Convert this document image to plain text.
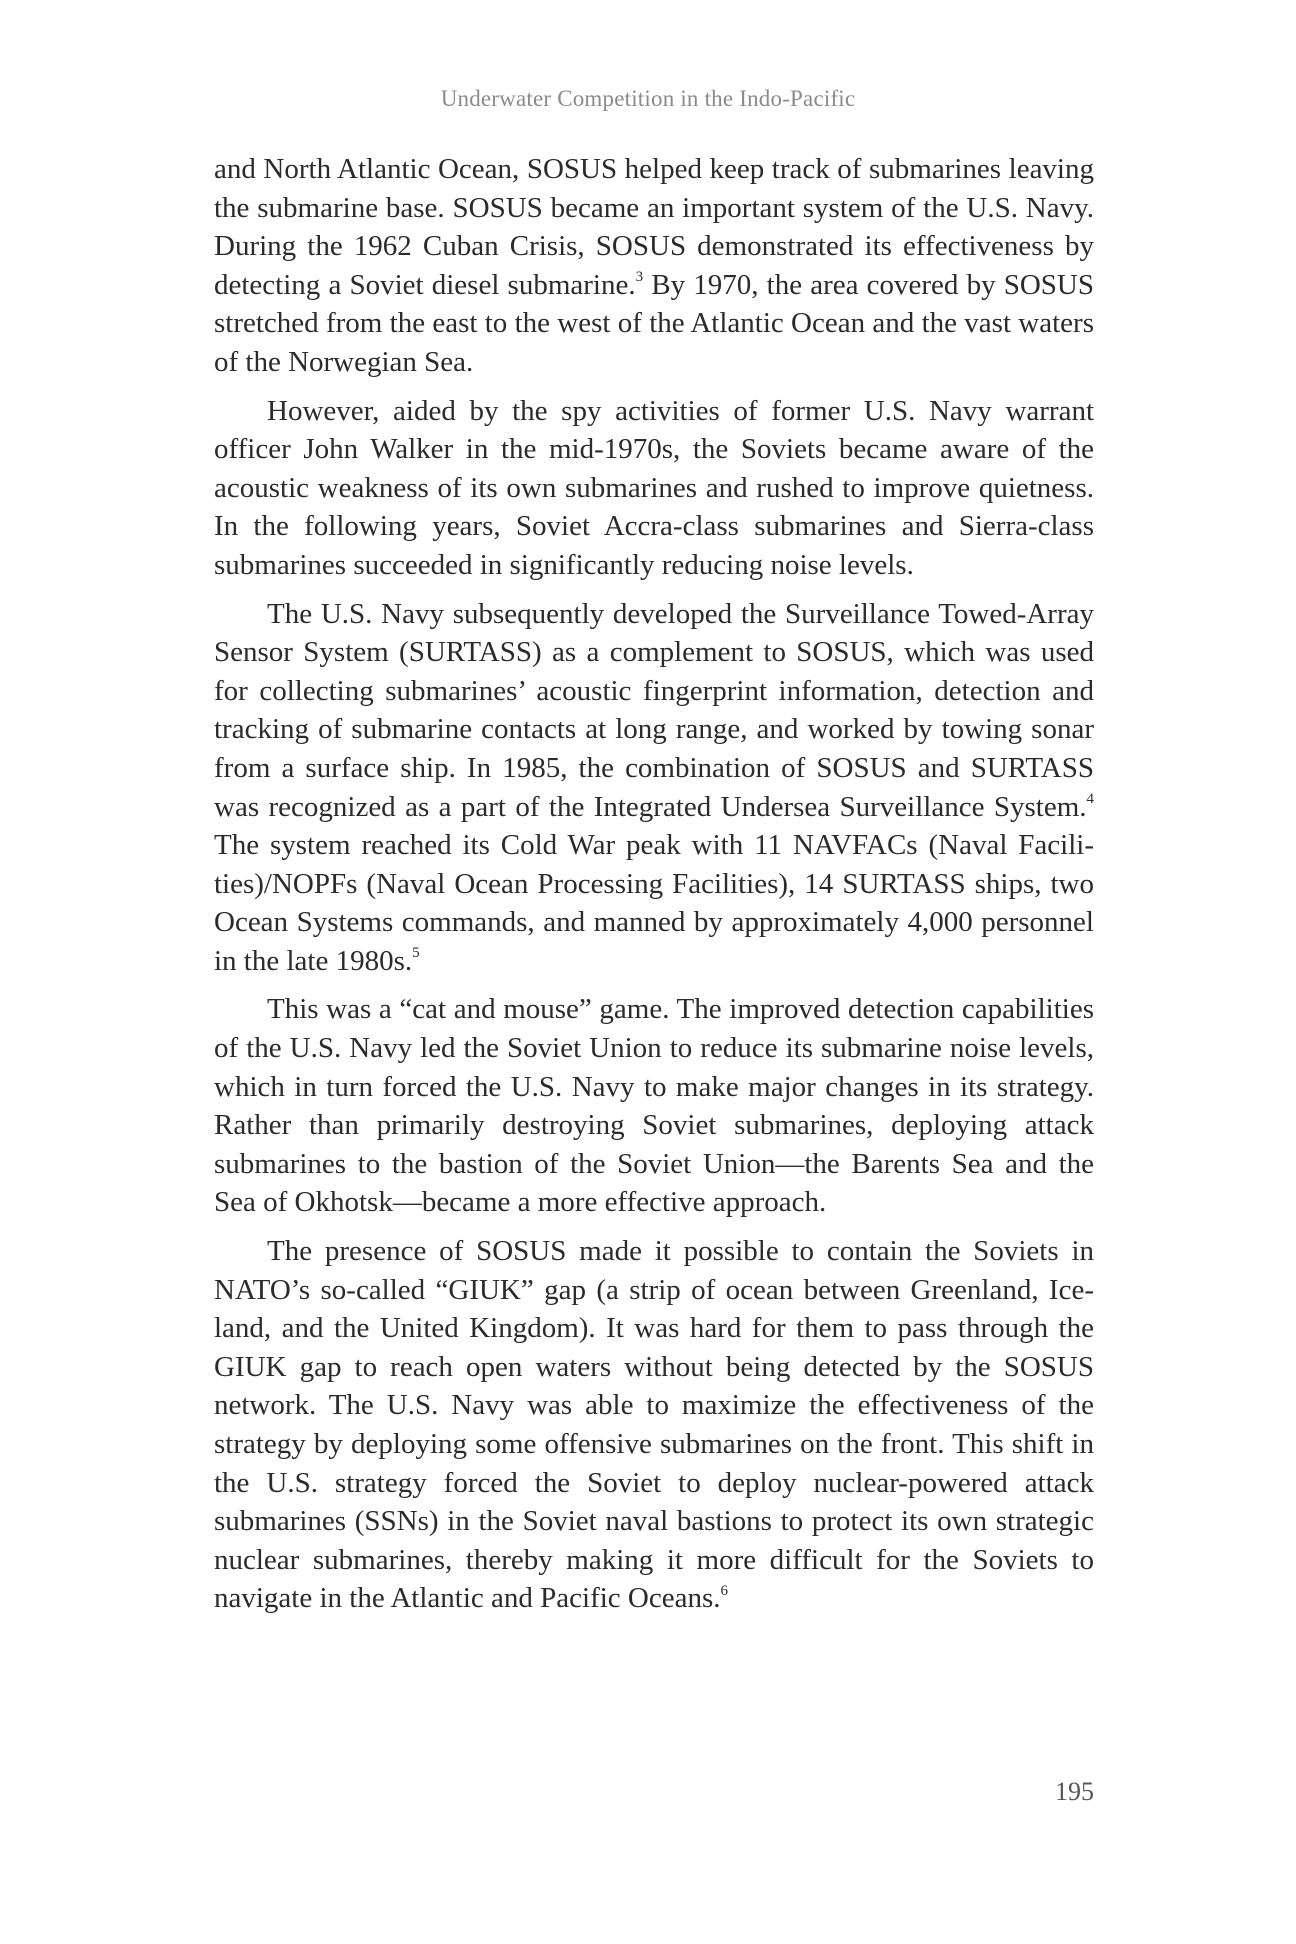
Underwater Competition in the Indo-Pacific

and North Atlantic Ocean, SOSUS helped keep track of submarines leaving the submarine base. SOSUS became an important system of the U.S. Navy. During the 1962 Cuban Crisis, SOSUS demonstrated its effectiveness by detecting a Soviet diesel submarine.$^3$ By 1970, the area covered by SOSUS stretched from the east to the west of the Atlantic Ocean and the vast waters of the Norwegian Sea.

However, aided by the spy activities of former U.S. Navy warrant officer John Walker in the mid-1970s, the Soviets became aware of the acoustic weakness of its own submarines and rushed to improve quietness. In the following years, Soviet Accra-class submarines and Sierra-class submarines succeeded in significantly reducing noise levels.

The U.S. Navy subsequently developed the Surveillance Towed-Array Sensor System (SURTASS) as a complement to SOSUS, which was used for collecting submarines’ acoustic fingerprint information, detection and tracking of submarine contacts at long range, and worked by towing sonar from a surface ship. In 1985, the combination of SOSUS and SURTASS was recognized as a part of the Integrated Undersea Surveillance System.$^4$ The system reached its Cold War peak with 11 NAVFACs (Naval Facilities)/NOPFs (Naval Ocean Processing Facilities), 14 SURTASS ships, two Ocean Systems commands, and manned by approximately 4,000 personnel in the late 1980s.$^5$

This was a “cat and mouse” game. The improved detection capabilities of the U.S. Navy led the Soviet Union to reduce its submarine noise levels, which in turn forced the U.S. Navy to make major changes in its strategy. Rather than primarily destroying Soviet submarines, deploying attack submarines to the bastion of the Soviet Union—the Barents Sea and the Sea of Okhotsk—became a more effective approach.

The presence of SOSUS made it possible to contain the Soviets in NATO’s so-called “GIUK” gap (a strip of ocean between Greenland, Iceland, and the United Kingdom). It was hard for them to pass through the GIUK gap to reach open waters without being detected by the SOSUS network. The U.S. Navy was able to maximize the effectiveness of the strategy by deploying some offensive submarines on the front. This shift in the U.S. strategy forced the Soviet to deploy nuclear-powered attack submarines (SSNs) in the Soviet naval bastions to protect its own strategic nuclear submarines, thereby making it more difficult for the Soviets to navigate in the Atlantic and Pacific Oceans.$^6$

195
